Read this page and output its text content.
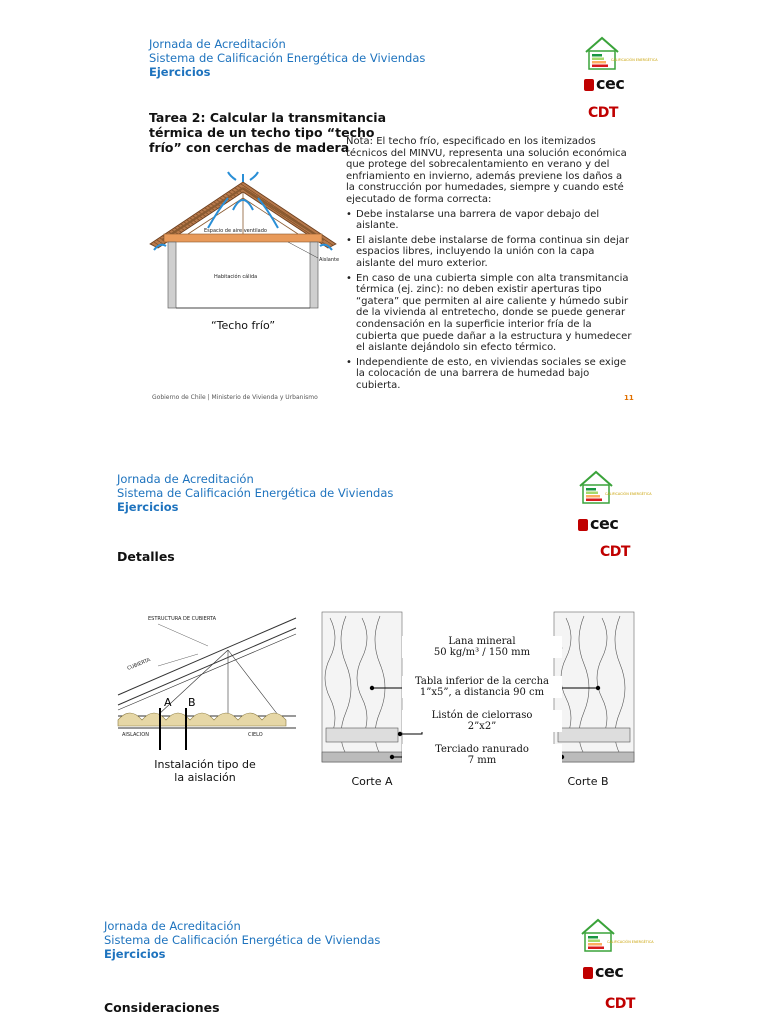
Jornada de Acreditación
Sistema de Calificación Energética de Viviendas
Ejercicios
CALIFICACIÓN ENERGÉTICA
cec
CDT
Tarea 2: Calcular la transmitancia térmica de un techo tipo “techo frío” con cerchas de madera
Espacio de aire ventilado
Aislante
Habitación cálida
“Techo frío”

Nota: El techo frío, especificado en los itemizados técnicos del MINVU, representa una solución económica que protege del sobrecalentamiento en verano y del enfriamiento en invierno, además previene los daños a la construcción por humedades, siempre y cuando esté ejecutado de forma correcta:

• Debe instalarse una barrera de vapor debajo del aislante.
• El aislante debe instalarse de forma continua sin dejar espacios libres, incluyendo la unión con la capa aislante del muro exterior.
• En caso de una cubierta simple con alta transmitancia térmica (ej. zinc): no deben existir aperturas tipo “gatera” que permiten al aire caliente y húmedo subir de la vivienda al entretecho, donde se puede generar condensación en la superficie interior fría de la cubierta que puede dañar a la estructura y humedecer el aislante dejándolo sin efecto térmico.
• Independiente de esto, en viviendas sociales se exige la colocación de una barrera de humedad bajo cubierta.
Gobierno de Chile | Ministerio de Vivienda y Urbanismo	11
Jornada de Acreditación
Sistema de Calificación Energética de Viviendas
Ejercicios
CALIFICACIÓN ENERGÉTICA
cec
CDT
Detalles
ESTRUCTURA DE CUBIERTA
CUBIERTA
A B
AISLACION	CIELO
Instalación tipo de
la aislación
Lana mineral
50 kg/m³ / 150 mm
Tabla inferior de la cercha
1”x5”, a distancia 90 cm
Listón de cielorraso
2”x2”
Terciado ranurado
7 mm
Corte A	Corte B
Jornada de Acreditación
Sistema de Calificación Energética de Viviendas
Ejercicios
CALIFICACIÓN ENERGÉTICA
cec
CDT
Consideraciones
